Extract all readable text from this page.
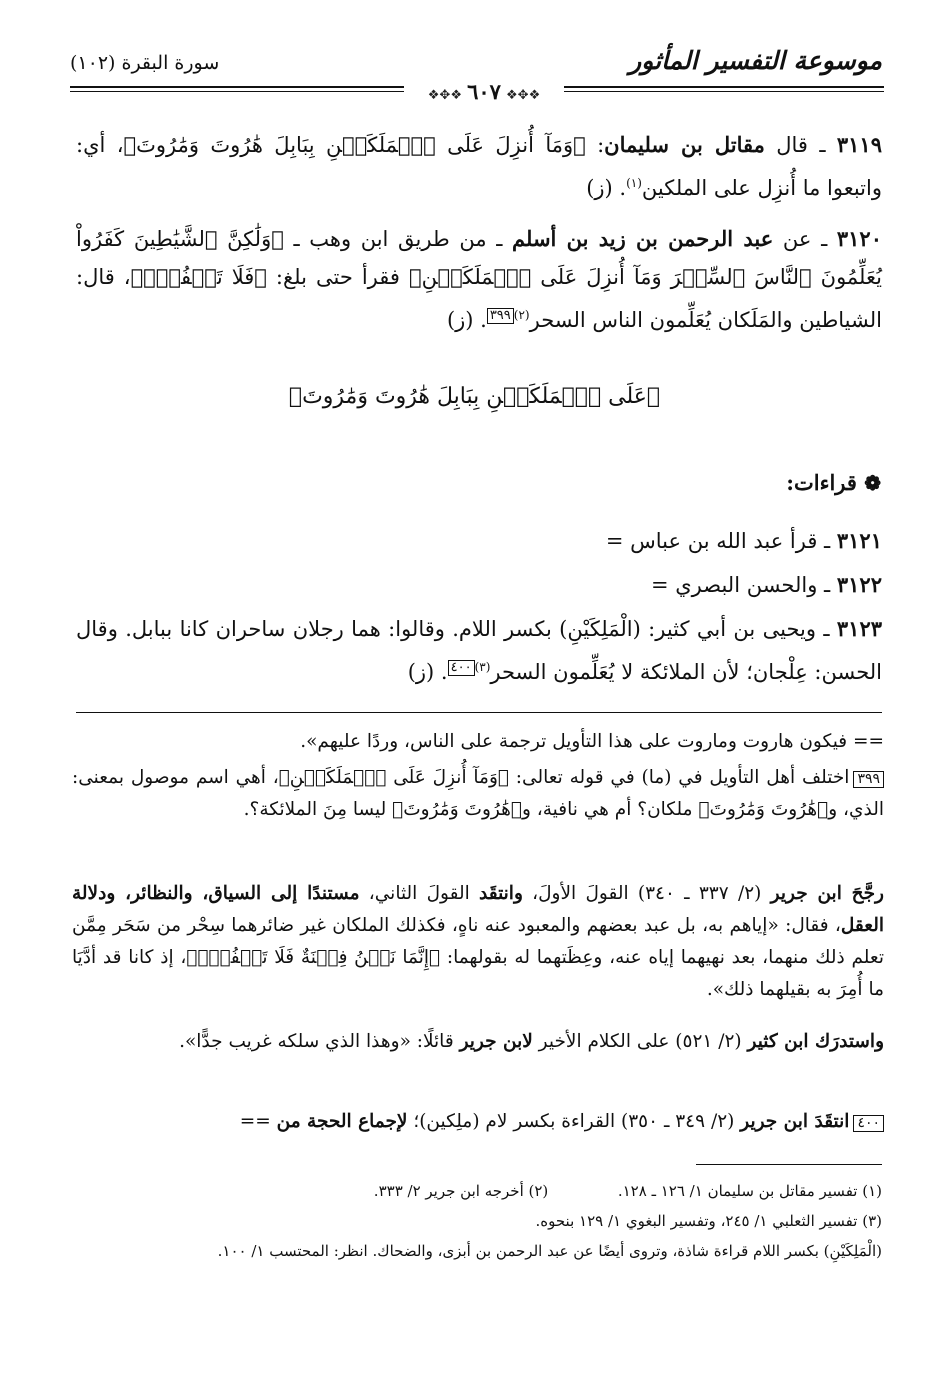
سورة البقرة (١٠٢)	موسوعة التفسير المأثور
❖✥❖ ٦٠٧ ❖✥❖
٣١١٩ ـ قال مقاتل بن سليمان: ﴿وَمَآ أُنزِلَ عَلَى ٱلۡمَلَكَيۡنِ بِبَابِلَ هَٰرُوتَ وَمَٰرُوتَ﴾، أي: واتبعوا ما أُنزِل على الملكين$^{(١)}$. (ز)
٣١٢٠ ـ عن عبد الرحمن بن زيد بن أسلم ـ من طريق ابن وهب ـ ﴿وَلَٰكِنَّ ٱلشَّيَٰطِينَ كَفَرُواْ يُعَلِّمُونَ ٱلنَّاسَ ٱلسِّحۡرَ وَمَآ أُنزِلَ عَلَى ٱلۡمَلَكَيۡنِ﴾ فقرأ حتى بلغ: ﴿فَلَا تَكۡفُرۡۖ﴾، قال: الشياطين والمَلَكان يُعَلِّمون الناس السحر$^{(٢)}$٣٩٩. (ز)
﴿عَلَى ٱلۡمَلَكَيۡنِ بِبَابِلَ هَٰرُوتَ وَمَٰرُوتَ﴾
❁ قراءات:
٣١٢١ ـ قرأ عبد الله بن عباس =
٣١٢٢ ـ والحسن البصري =
٣١٢٣ ـ ويحيى بن أبي كثير: (الْمَلِكَيْنِ) بكسر اللام. وقالوا: هما رجلان ساحران كانا ببابل. وقال الحسن: عِلْجان؛ لأن الملائكة لا يُعَلِّمون السحر$^{(٣)}$٤٠٠. (ز)
== فيكون هاروت وماروت على هذا التأويل ترجمة على الناس، وردًا عليهم».
٣٩٩اختلف أهل التأويل في (ما) في قوله تعالى: ﴿وَمَآ أُنزِلَ عَلَى ٱلۡمَلَكَيۡنِ﴾، أهي اسم موصول بمعنى: الذي، و﴿هَٰرُوتَ وَمَٰرُوتَ﴾ ملكان؟ أم هي نافية، و﴿هَٰرُوتَ وَمَٰرُوتَ﴾ ليسا مِنَ الملائكة؟.
رجَّحَ ابن جرير (٢/ ٣٣٧ ـ ٣٤٠) القولَ الأولَ، وانتقَد القولَ الثاني، مستندًا إلى السياق، والنظائر، ودلالة العقل، فقال: «إياهم به، بل عبد بعضهم والمعبود عنه ناهٍ، فكذلك الملكان غير ضائرهما سِحْر من سَحَر مِمَّن تعلم ذلك منهما، بعد نهيهما إياه عنه، وعِظَتهما له بقولهما: ﴿إِنَّمَا نَحۡنُ فِتۡنَةٌ فَلَا تَكۡفُرۡۖ﴾، إذ كانا قد أدَّيَا ما أُمِرَ به بقيلهما ذلك».
واستدرَك ابن كثير (٢/ ٥٢١) على الكلام الأخير لابن جرير قائلًا: «وهذا الذي سلكه غريب جدًّا».
٤٠٠انتقَدَ ابن جرير (٢/ ٣٤٩ ـ ٣٥٠) القراءة بكسر لام (ملِكين)؛ لإجماع الحجة من ==
(١) تفسير مقاتل بن سليمان ١/ ١٢٦ ـ ١٢٨.  (٢) أخرجه ابن جرير ٢/ ٣٣٣.
(٣) تفسير الثعلبي ١/ ٢٤٥، وتفسير البغوي ١/ ١٢٩ بنحوه.
(الْمَلِكَيْنِ) بكسر اللام قراءة شاذة، وتروى أيضًا عن عبد الرحمن بن أبزى، والضحاك. انظر: المحتسب ١/ ١٠٠.
